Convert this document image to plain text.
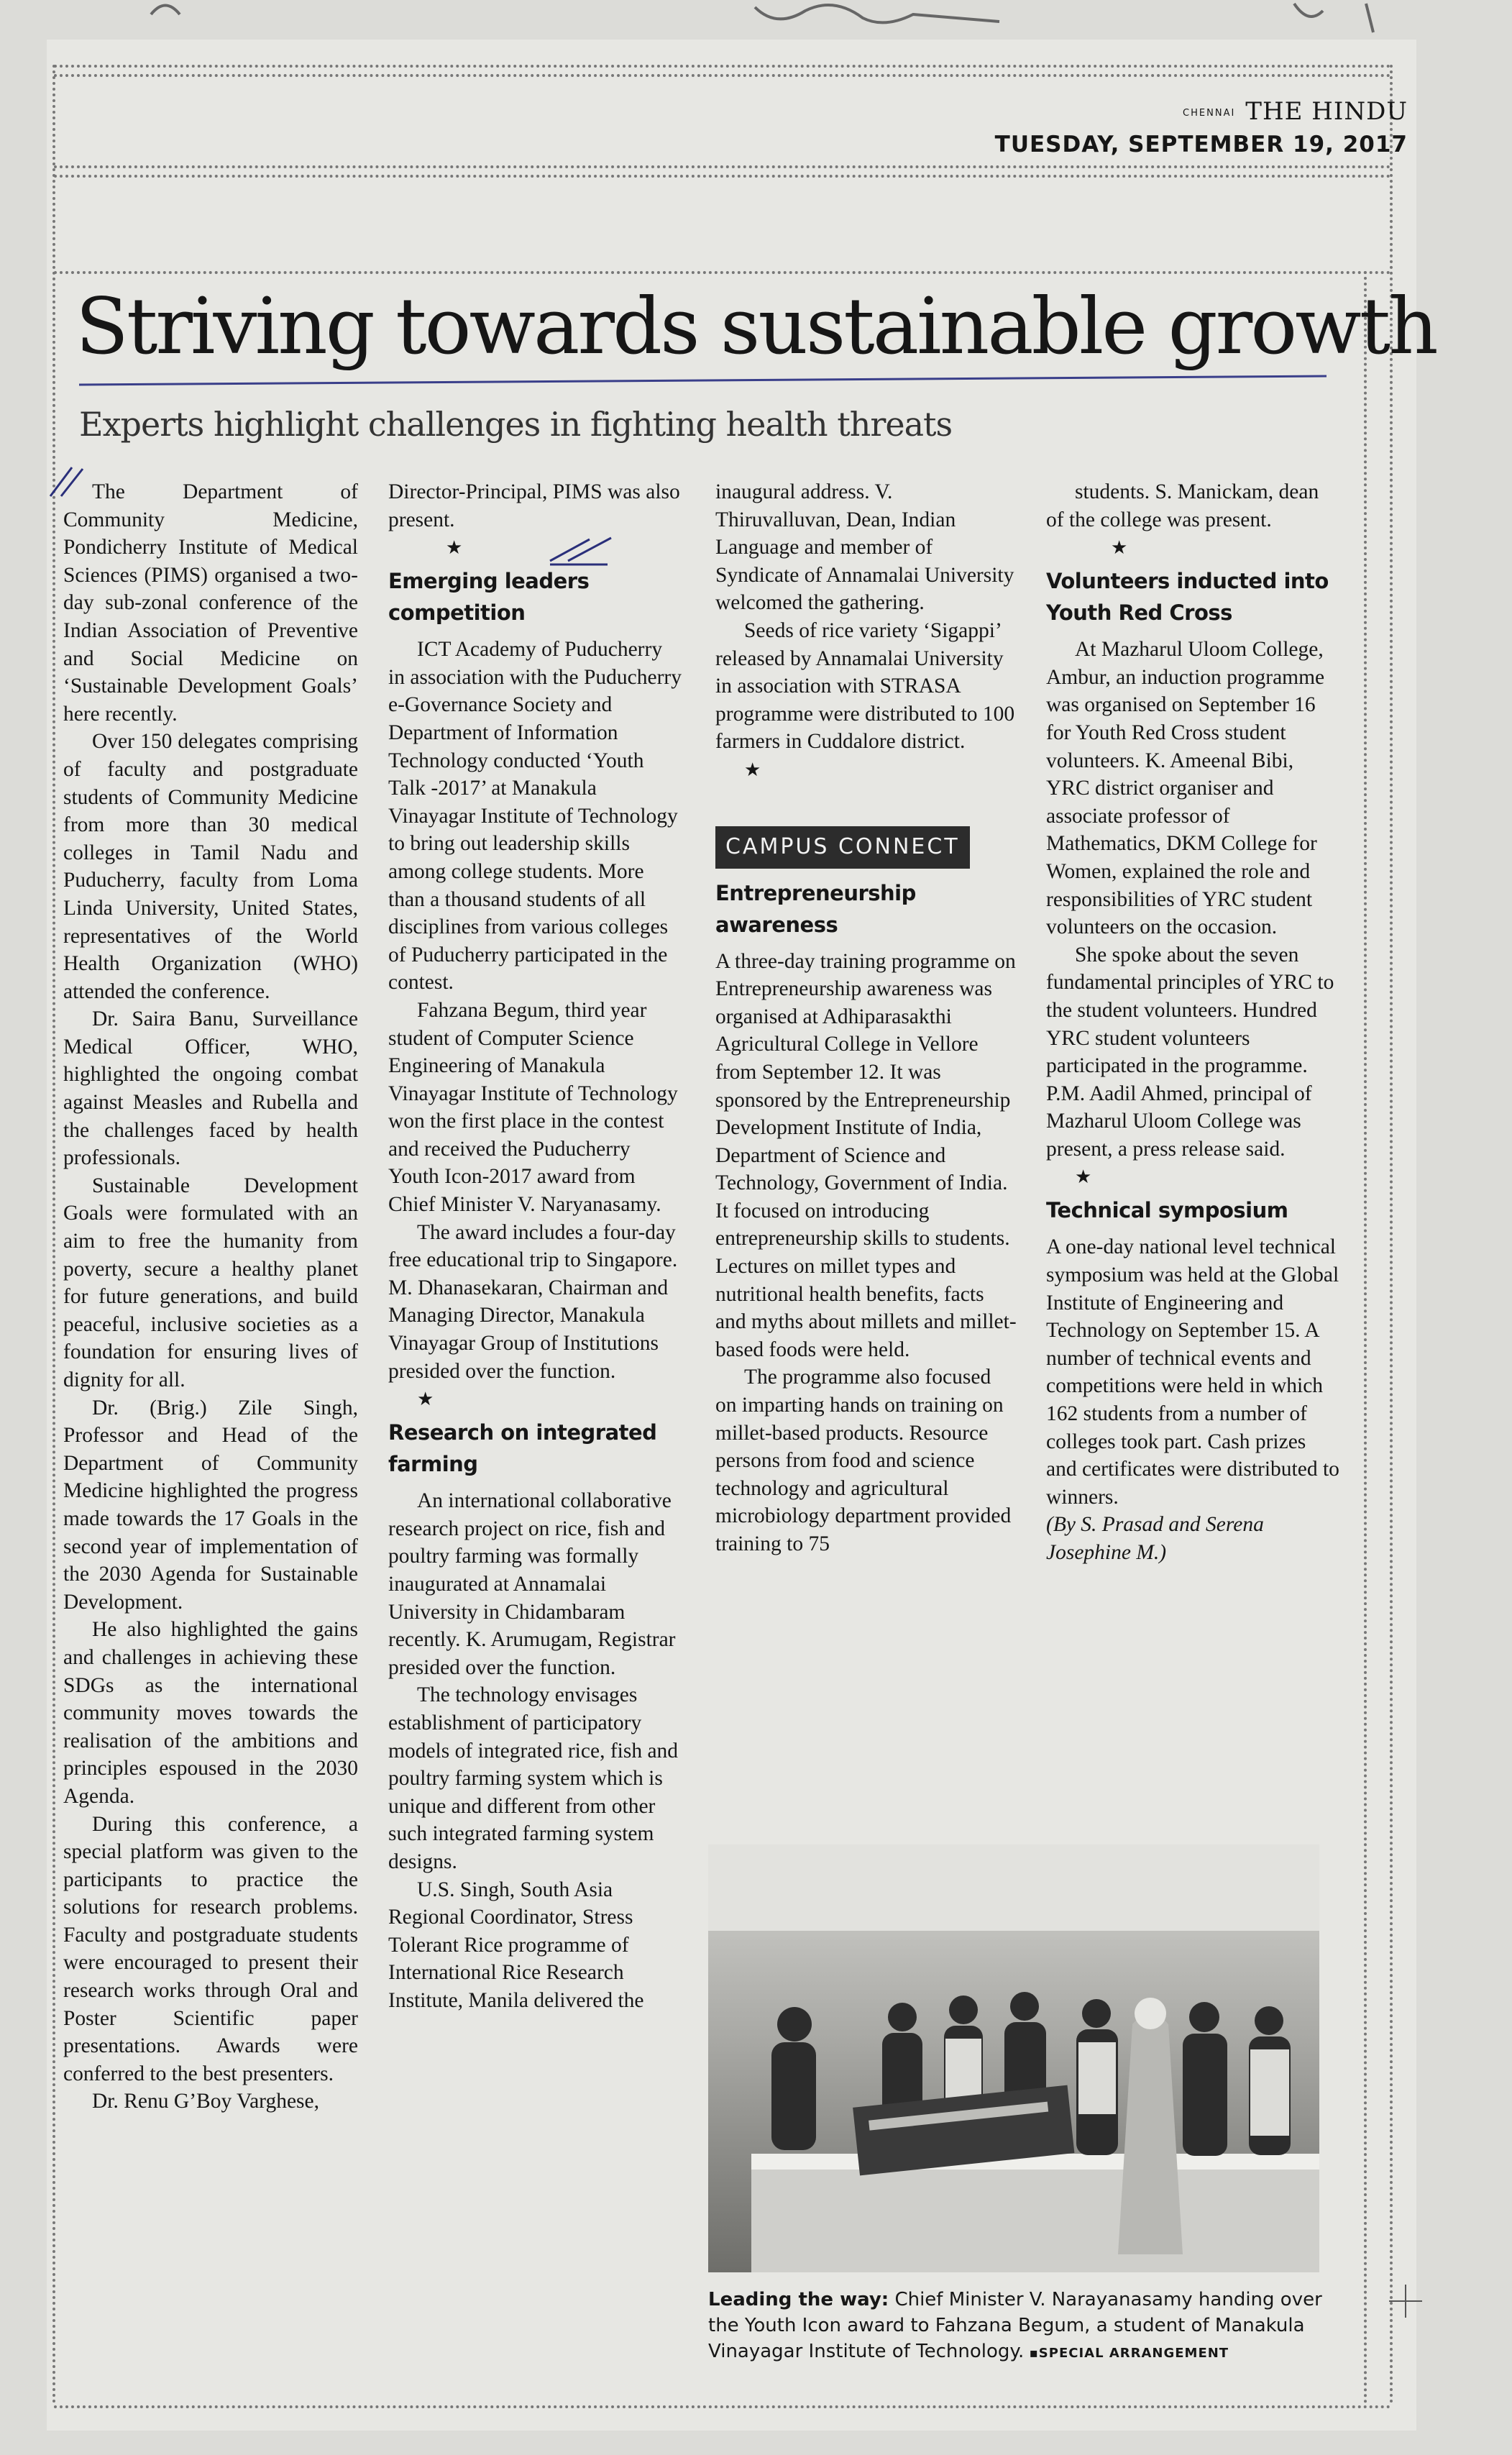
CHENNAI THE HINDU
TUESDAY, SEPTEMBER 19, 2017
Striving towards sustainable growth
Experts highlight challenges in fighting health threats

The Department of Community Medicine, Pondicherry Institute of Medical Sciences (PIMS) organised a two-day sub-zonal conference of the Indian Association of Preventive and Social Medicine on ‘Sustainable Development Goals’ here recently.

Over 150 delegates comprising of faculty and postgraduate students of Community Medicine from more than 30 medical colleges in Tamil Nadu and Puducherry, faculty from Loma Linda University, United States, representatives of the World Health Organization (WHO) attended the conference.

Dr. Saira Banu, Surveillance Medical Officer, WHO, highlighted the ongoing combat against Measles and Rubella and the challenges faced by health professionals.

Sustainable Development Goals were formulated with an aim to free the humanity from poverty, secure a healthy planet for future generations, and build peaceful, inclusive societies as a foundation for ensuring lives of dignity for all.

Dr. (Brig.) Zile Singh, Professor and Head of the Department of Community Medicine highlighted the progress made towards the 17 Goals in the second year of implementation of the 2030 Agenda for Sustainable Development.

He also highlighted the gains and challenges in achieving these SDGs as the international community moves towards the realisation of the ambitions and principles espoused in the 2030 Agenda.

During this conference, a special platform was given to the participants to practice the solutions for research problems. Faculty and postgraduate students were encouraged to present their research works through Oral and Poster Scientific paper presentations. Awards were conferred to the best presenters.

Dr. Renu G’Boy Varghese,

Director-Principal, PIMS was also present.

★

Emerging leaders competition

ICT Academy of Puducherry in association with the Puducherry e-Governance Society and Department of Information Technology conducted ‘Youth Talk -2017’ at Manakula Vinayagar Institute of Technology to bring out leadership skills among college students. More than a thousand students of all disciplines from various colleges of Puducherry participated in the contest.

Fahzana Begum, third year student of Computer Science Engineering of Manakula Vinayagar Institute of Technology won the first place in the contest and received the Puducherry Youth Icon-2017 award from Chief Minister V. Naryanasamy.

The award includes a four-day free educational trip to Singapore. M. Dhanasekaran, Chairman and Managing Director, Manakula Vinayagar Group of Institutions presided over the function.

★

Research on integrated farming

An international collaborative research project on rice, fish and poultry farming was formally inaugurated at Annamalai University in Chidambaram recently. K. Arumugam, Registrar presided over the function.

The technology envisages establishment of participatory models of integrated rice, fish and poultry farming system which is unique and different from other such integrated farming system designs.

U.S. Singh, South Asia Regional Coordinator, Stress Tolerant Rice programme of International Rice Research Institute, Manila delivered the

inaugural address. V. Thiruvalluvan, Dean, Indian Language and member of Syndicate of Annamalai University welcomed the gathering.

Seeds of rice variety ‘Sigappi’ released by Annamalai University in association with STRASA programme were distributed to 100 farmers in Cuddalore district.

★

CAMPUS CONNECT
Entrepreneurship awareness

A three-day training programme on Entrepreneurship awareness was organised at Adhiparasakthi Agricultural College in Vellore from September 12. It was sponsored by the Entrepreneurship Development Institute of India, Department of Science and Technology, Government of India. It focused on introducing entrepreneurship skills to students. Lectures on millet types and nutritional health benefits, facts and myths about millets and millet-based foods were held.

The programme also focused on imparting hands on training on millet-based products. Resource persons from food and science technology and agricultural microbiology department provided training to 75

students. S. Manickam, dean of the college was present.

★

Volunteers inducted into Youth Red Cross

At Mazharul Uloom College, Ambur, an induction programme was organised on September 16 for Youth Red Cross student volunteers. K. Ameenal Bibi, YRC district organiser and associate professor of Mathematics, DKM College for Women, explained the role and responsibilities of YRC student volunteers on the occasion.

She spoke about the seven fundamental principles of YRC to the student volunteers. Hundred YRC student volunteers participated in the programme. P.M. Aadil Ahmed, principal of Mazharul Uloom College was present, a press release said.

★

Technical symposium

A one-day national level technical symposium was held at the Global Institute of Engineering and Technology on September 15. A number of technical events and competitions were held in which 162 students from a number of colleges took part. Cash prizes and certificates were distributed to winners.

(By S. Prasad and Serena Josephine M.)

Leading the way: Chief Minister V. Narayanasamy handing over the Youth Icon award to Fahzana Begum, a student of Manakula Vinayagar Institute of Technology. ▪SPECIAL ARRANGEMENT
